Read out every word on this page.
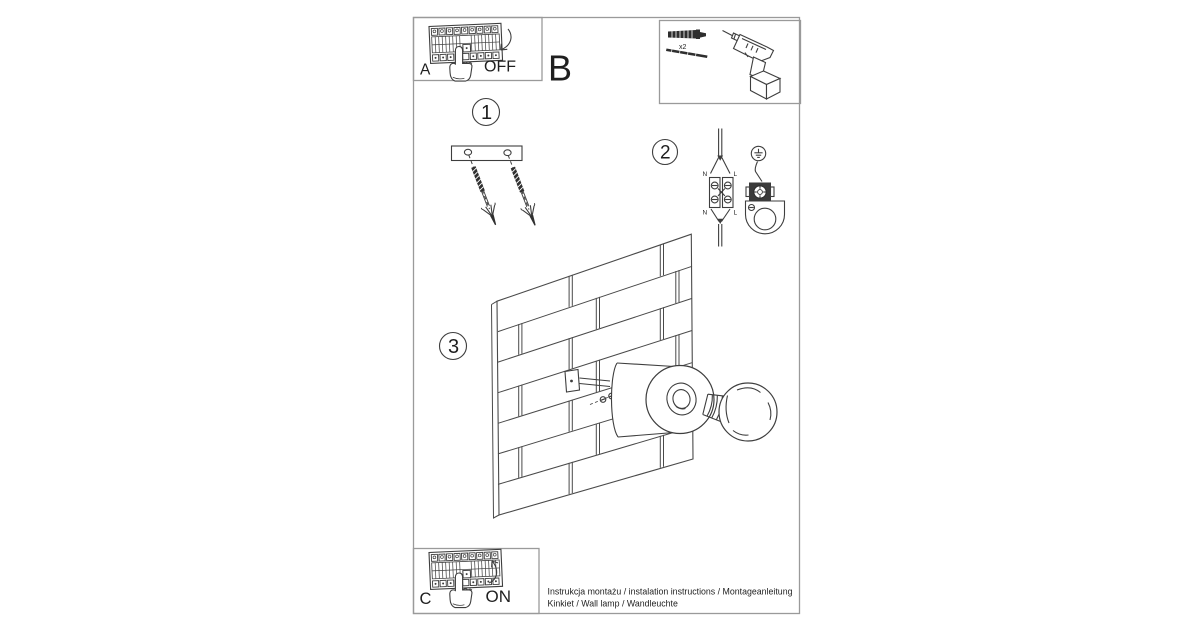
A	OFF B	x2
1
2
N	L
N	L
3
C	ON	Instrukcja montażu / instalation instructions / Montageanleitung
Kinkiet / Wall lamp / Wandleuchte
